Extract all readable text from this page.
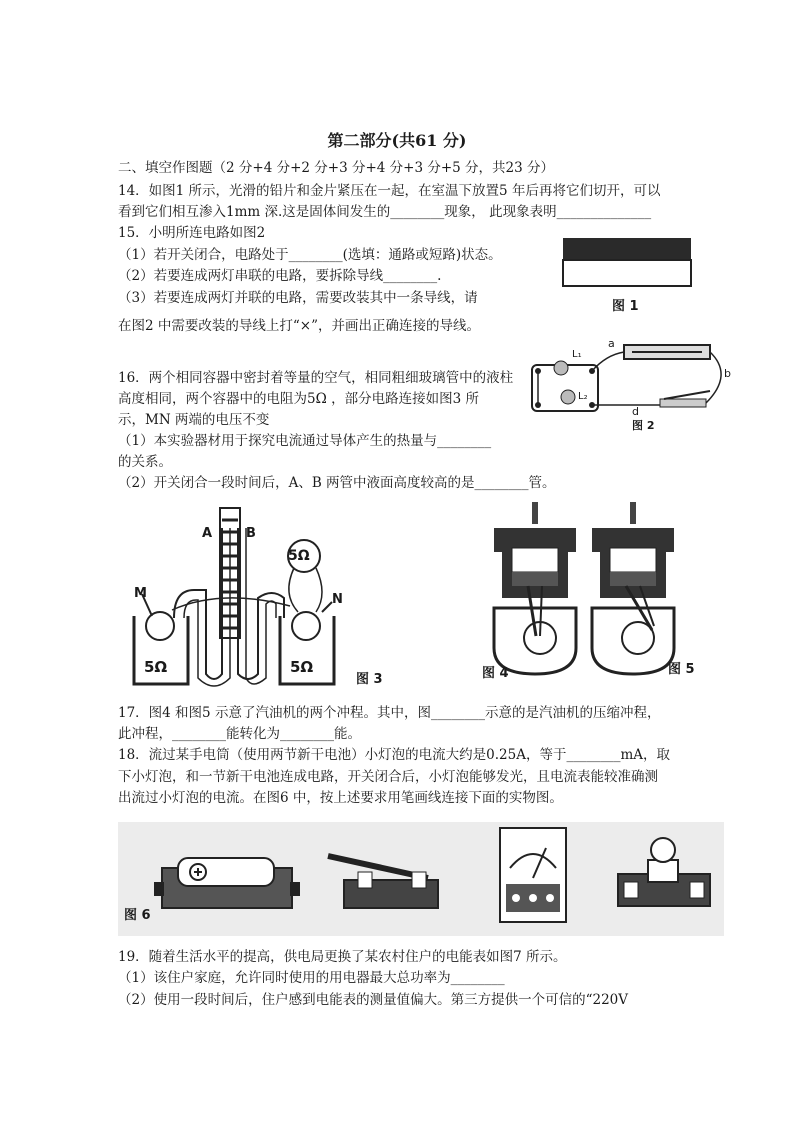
第二部分(共61 分)
二、填空作图题（2 分+4 分+2 分+3 分+4 分+3 分+5 分，共23 分）
14．如图1 所示，光滑的铅片和金片紧压在一起，在室温下放置5 年后再将它们切开，可以
看到它们相互渗入1mm 深.这是固体间发生的________现象， 此现象表明______________
15．小明所连电路如图2
（1）若开关闭合，电路处于________(选填：通路或短路)状态。
（2）若要连成两灯串联的电路，要拆除导线________.
（3）若要连成两灯并联的电路，需要改装其中一条导线，请
在图2 中需要改装的导线上打“×”，并画出正确连接的导线。
图 1
a
b
d
L₁
L₂
图 2
16．两个相同容器中密封着等量的空气，相同粗细玻璃管中的液柱
高度相同，两个容器中的电阻为5Ω ，部分电路连接如图3 所
示，MN 两端的电压不变
（1）本实验器材用于探究电流通过导体产生的热量与________
的关系。
（2）开关闭合一段时间后，A、B 两管中液面高度较高的是________管。
A	B
M	N
5Ω
5Ω	5Ω
图 3	图 4	图 5
17．图4 和图5 示意了汽油机的两个冲程。其中，图________示意的是汽油机的压缩冲程，
此冲程，________能转化为________能。
18．流过某手电筒（使用两节新干电池）小灯泡的电流大约是0.25A，等于________mA，取
下小灯泡，和一节新干电池连成电路，开关闭合后，小灯泡能够发光，且电流表能较准确测
出流过小灯泡的电流。在图6 中，按上述要求用笔画线连接下面的实物图。
图 6
19．随着生活水平的提高，供电局更换了某农村住户的电能表如图7 所示。
（1）该住户家庭，允许同时使用的用电器最大总功率为________
（2）使用一段时间后，住户感到电能表的测量值偏大。第三方提供一个可信的“220V
